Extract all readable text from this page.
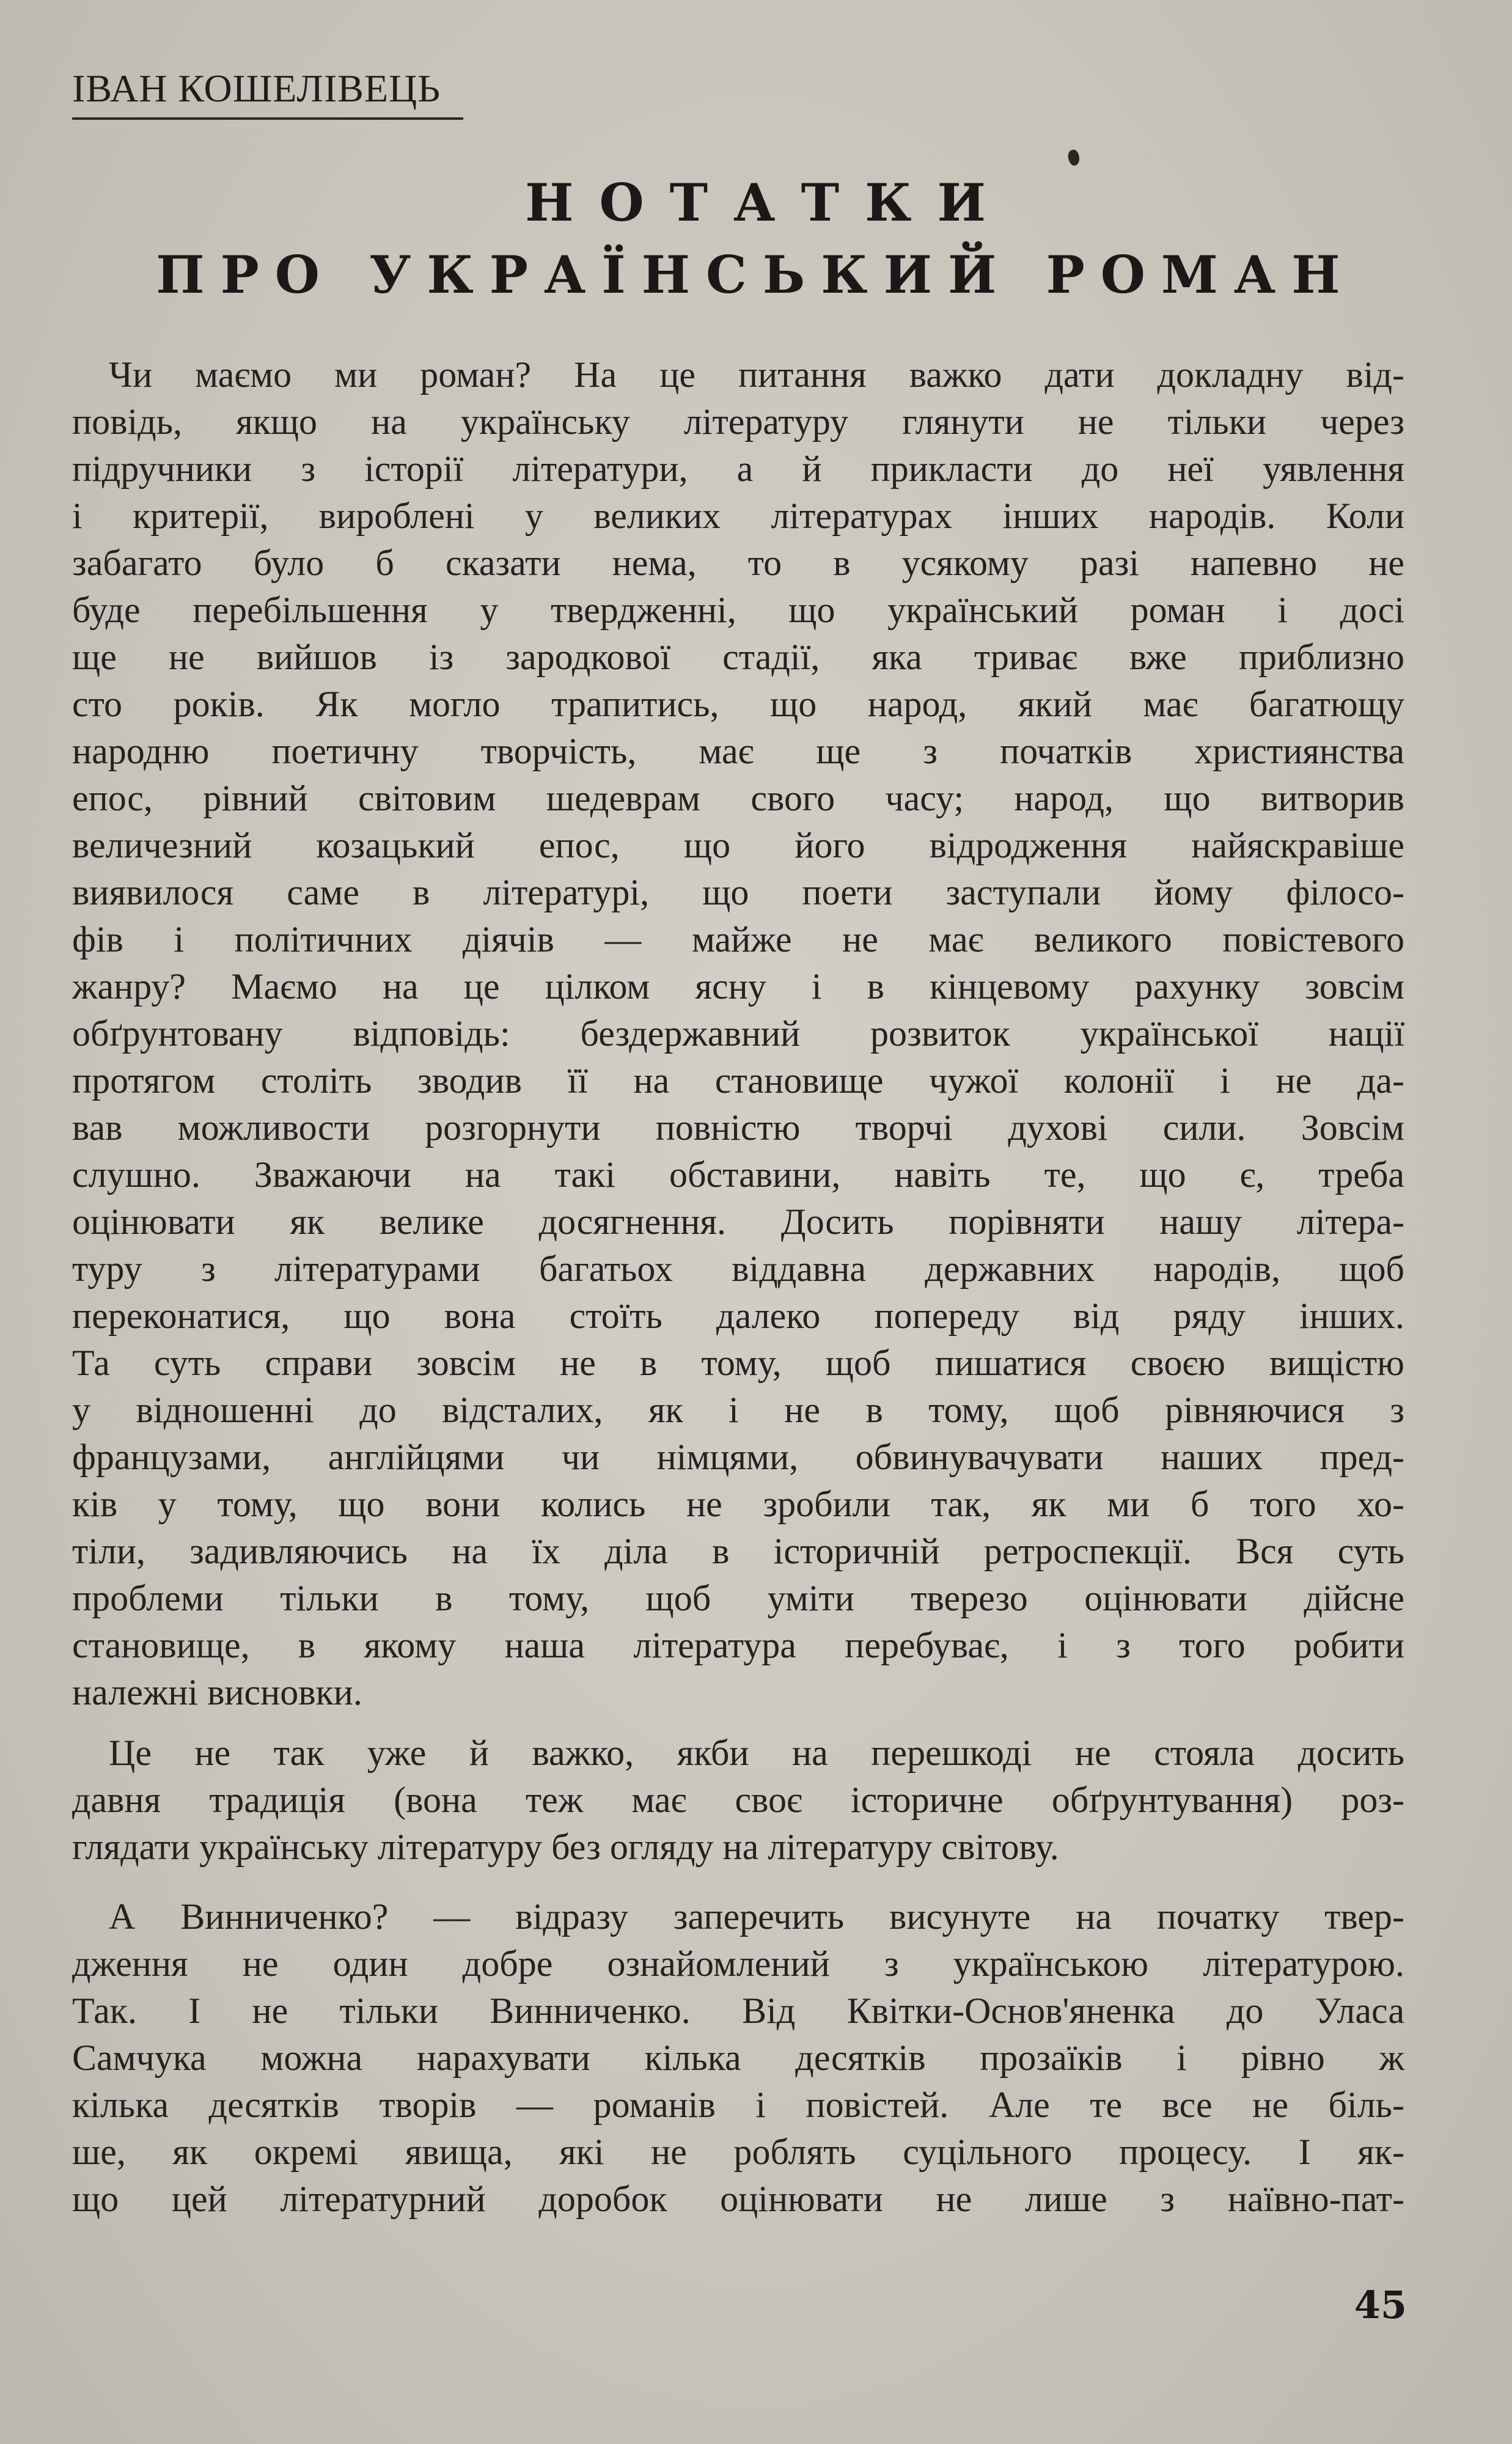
ІВАН КОШЕЛІВЕЦЬ
НОТАТКИ
ПРО УКРАЇНСЬКИЙ РОМАН
 Чи маємо ми роман? На це питання важко дати докладну від-
повідь, якщо на українську літературу глянути не тільки через
підручники з історії літератури, а й прикласти до неї уявлення
і критерії, вироблені у великих літературах інших народів. Коли
забагато було б сказати нема, то в усякому разі напевно не
буде перебільшення у твердженні, що український роман і досі
ще не вийшов із зародкової стадії, яка триває вже приблизно
сто років. Як могло трапитись, що народ, який має багатющу
народню поетичну творчість, має ще з початків християнства
епос, рівний світовим шедеврам свого часу; народ, що витворив
величезний козацький епос, що його відродження найяскравіше
виявилося саме в літературі, що поети заступали йому філосо-
фів і політичних діячів — майже не має великого повістевого
жанру? Маємо на це цілком ясну і в кінцевому рахунку зовсім
обґрунтовану відповідь: бездержавний розвиток української нації
протягом століть зводив її на становище чужої колонії і не да-
вав можливости розгорнути повністю творчі духові сили. Зовсім
слушно. Зважаючи на такі обставини, навіть те, що є, треба
оцінювати як велике досягнення. Досить порівняти нашу літера-
туру з літературами багатьох віддавна державних народів, щоб
переконатися, що вона стоїть далеко попереду від ряду інших.
Та суть справи зовсім не в тому, щоб пишатися своєю вищістю
у відношенні до відсталих, як і не в тому, щоб рівняючися з
французами, англійцями чи німцями, обвинувачувати наших пред-
ків у тому, що вони колись не зробили так, як ми б того хо-
тіли, задивляючись на їх діла в історичній ретроспекції. Вся суть
проблеми тільки в тому, щоб уміти тверезо оцінювати дійсне
становище, в якому наша література перебуває, і з того робити
належні висновки.
 Це не так уже й важко, якби на перешкоді не стояла досить
давня традиція (вона теж має своє історичне обґрунтування) роз-
глядати українську літературу без огляду на літературу світову.
 А Винниченко? — відразу заперечить висунуте на початку твер-
дження не один добре ознайомлений з українською літературою.
Так. І не тільки Винниченко. Від Квітки-Основ'яненка до Уласа
Самчука можна нарахувати кілька десятків прозаїків і рівно ж
кілька десятків творів — романів і повістей. Але те все не біль-
ше, як окремі явища, які не роблять суцільного процесу. І як-
що цей літературний доробок оцінювати не лише з наївно-пат-
45
